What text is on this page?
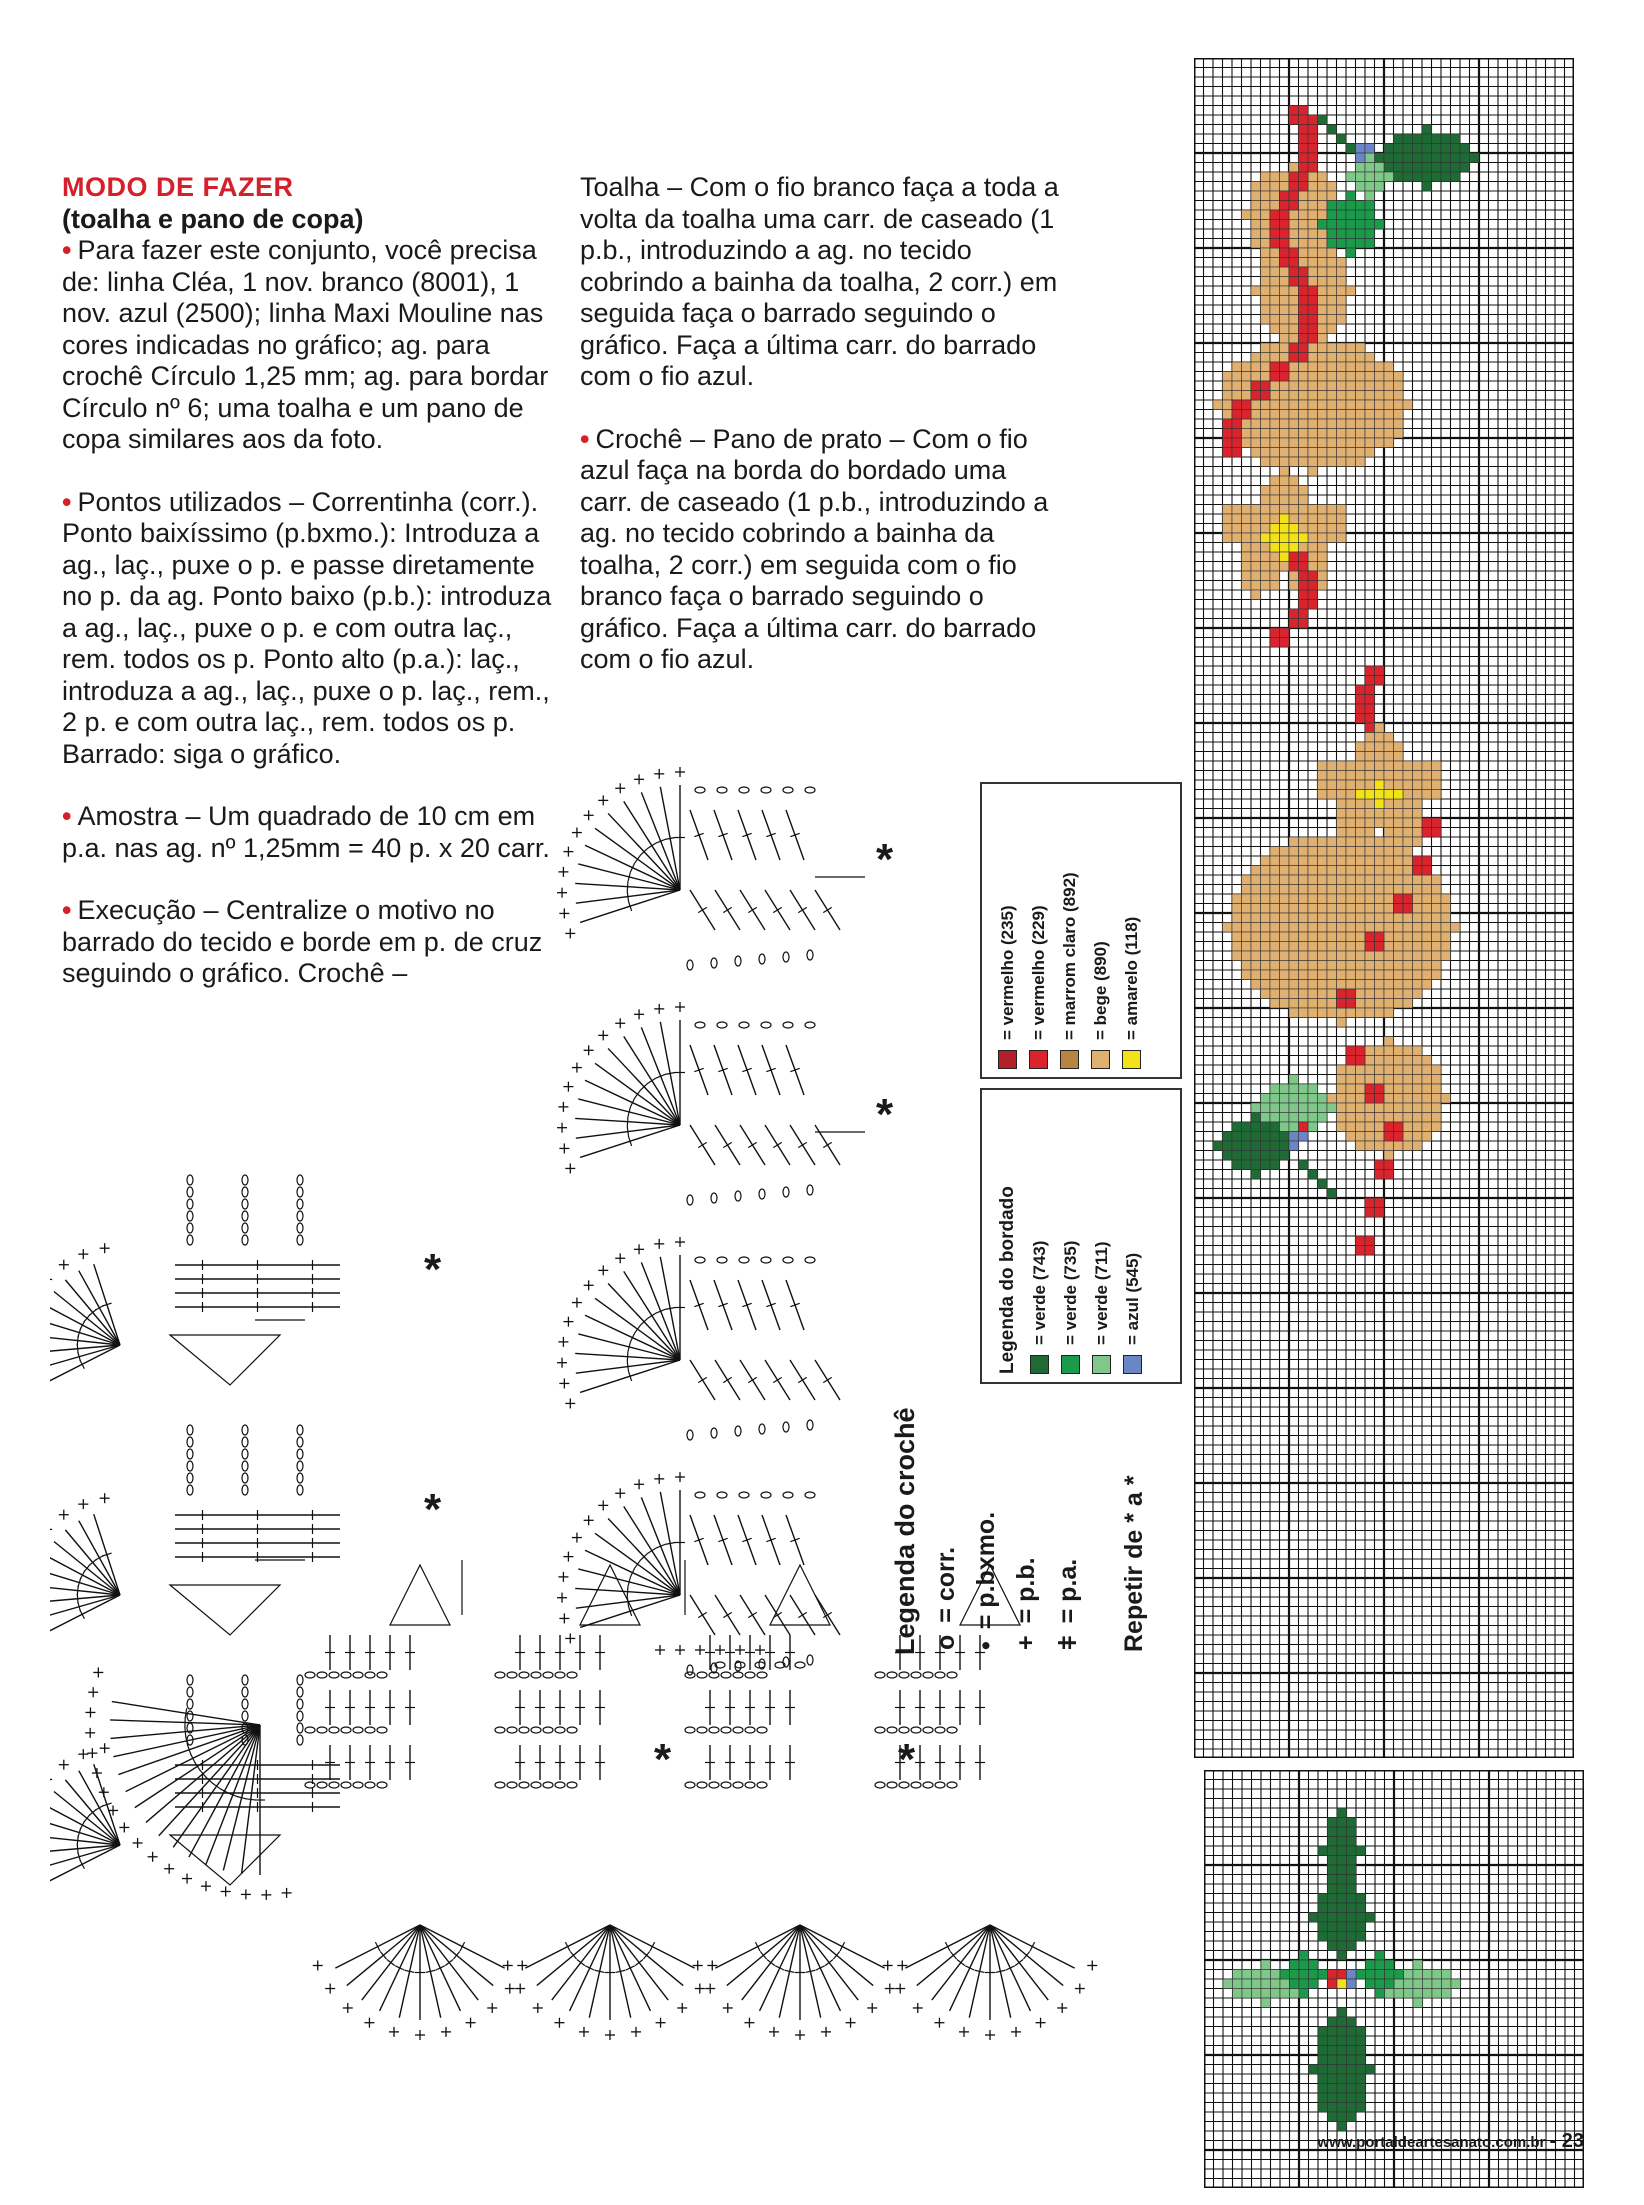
MODO DE FAZER
(toalha e pano de copa)

• Para fazer este conjunto, você precisa de: linha Cléa, 1 nov. branco (8001), 1 nov. azul (2500); linha Maxi Mouline nas cores indicadas no gráfico; ag. para crochê Círculo 1,25 mm; ag. para bordar Círculo nº 6; uma toalha e um pano de copa similares aos da foto.

• Pontos utilizados – Correntinha (corr.). Ponto baixíssimo (p.bxmo.): Introduza a ag., laç., puxe o p. e passe diretamente no p. da ag. Ponto baixo (p.b.): introduza a ag., laç., puxe o p. e com outra laç., rem. todos os p. Ponto alto (p.a.): laç., introduza a ag., laç., puxe o p. laç., rem., 2 p. e com outra laç., rem. todos os p. Barrado: siga o gráfico.

• Amostra – Um quadrado de 10 cm em p.a. nas ag. nº 1,25mm = 40 p. x 20 carr.

• Execução – Centralize o motivo no barrado do tecido e borde em p. de cruz seguindo o gráfico. Crochê –

Toalha – Com o fio branco faça a toda a volta da toalha uma carr. de caseado (1 p.b., introduzindo a ag. no tecido cobrindo a bainha da toalha, 2 corr.) em seguida faça o barrado seguindo o gráfico. Faça a última carr. do barrado com o fio azul.

• Crochê – Pano de prato – Com o fio azul faça na borda do bordado uma carr. de caseado (1 p.b., introduzindo a ag. no tecido cobrindo a bainha da toalha, 2 corr.) em seguida com o fio branco faça o barrado seguindo o gráfico. Faça a última carr. do barrado com o fio azul.

= vermelho (235) = vermelho (229) = marrom claro (892) = bege (890) = amarelo (118)
Legenda do bordado = verde (743) = verde (735) = verde (711) = azul (545)
Legenda do crochê o= corr.
•= p.bxmo.
+= p.b.
ǂ= p.a. Repetir de * a *
*
*
*
*
*	*
www.portaldeartesanato.com.br - 23
